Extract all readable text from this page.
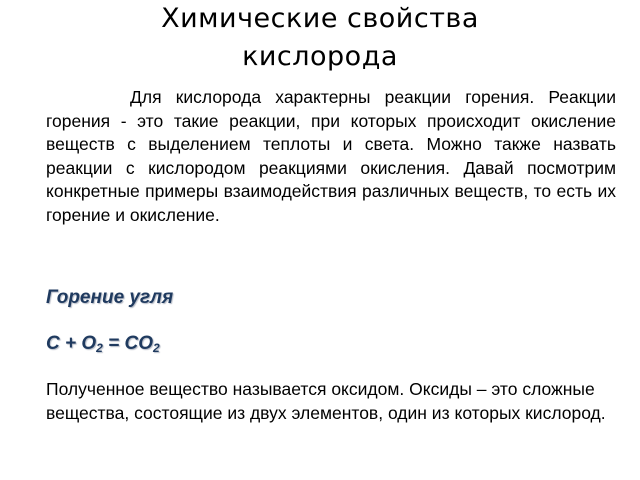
Химические свойства
кислорода

Для кислорода характерны реакции горения. Реакции горения - это такие реакции, при которых происходит окисление веществ с выделением теплоты и света. Можно также назвать реакции с кислородом реакциями окисления. Давай посмотрим конкретные примеры взаимодействия различных веществ, то есть их горение и окисление.

Горение угля

$C + O_2 = CO_2$

Полученное вещество называется оксидом. Оксиды – это сложные вещества, состоящие из двух элементов, один из которых кислород.
